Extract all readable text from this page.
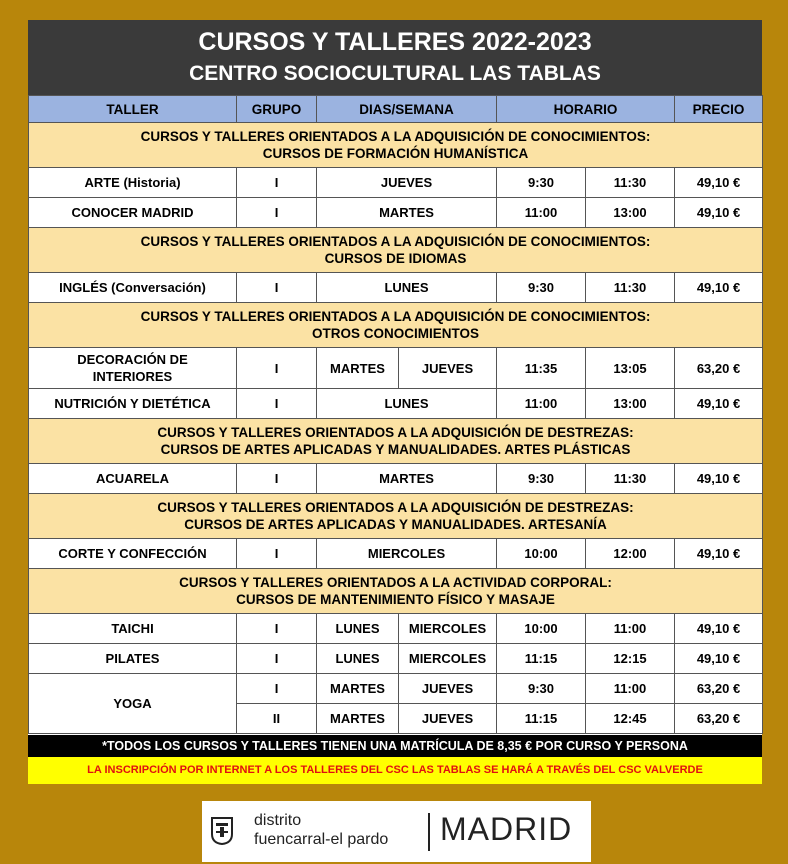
CURSOS Y TALLERES 2022-2023
CENTRO SOCIOCULTURAL LAS TABLAS
TALLER	GRUPO	DIAS/SEMANA		HORARIO		PRECIO

CURSOS Y TALLERES ORIENTADOS A LA ADQUISICIÓN DE CONOCIMIENTOS:
CURSOS DE FORMACIÓN HUMANÍSTICA						

ARTE (Historia)	I	JUEVES		9:30	11:30	49,10 €
CONOCER MADRID	I	MARTES		11:00	13:00	49,10 €

CURSOS Y TALLERES ORIENTADOS A LA ADQUISICIÓN DE CONOCIMIENTOS:
CURSOS DE IDIOMAS						

INGLÉS (Conversación)	I	LUNES		9:30	11:30	49,10 €

CURSOS Y TALLERES ORIENTADOS A LA ADQUISICIÓN DE CONOCIMIENTOS:
OTROS CONOCIMIENTOS						

DECORACIÓN DE
INTERIORES	I	MARTES	JUEVES	11:35	13:05	63,20 €
NUTRICIÓN Y DIETÉTICA	I	LUNES		11:00	13:00	49,10 €

CURSOS Y TALLERES ORIENTADOS A LA ADQUISICIÓN DE DESTREZAS:
CURSOS DE ARTES APLICADAS Y MANUALIDADES. ARTES PLÁSTICAS						

ACUARELA	I	MARTES		9:30	11:30	49,10 €

CURSOS Y TALLERES ORIENTADOS A LA ADQUISICIÓN DE DESTREZAS:
CURSOS DE ARTES APLICADAS Y MANUALIDADES. ARTESANÍA						

CORTE Y CONFECCIÓN	I	MIERCOLES		10:00	12:00	49,10 €

CURSOS Y TALLERES ORIENTADOS A LA ACTIVIDAD CORPORAL:
CURSOS DE MANTENIMIENTO FÍSICO Y MASAJE						

TAICHI	I	LUNES	MIERCOLES	10:00	11:00	49,10 €
PILATES	I	LUNES	MIERCOLES	11:15	12:15	49,10 €
YOGA	I	MARTES	JUEVES	9:30	11:00	63,20 €
	II	MARTES	JUEVES	11:15	12:45	63,20 €
*TODOS LOS CURSOS Y TALLERES TIENEN UNA MATRÍCULA DE 8,35 € POR CURSO Y PERSONA
LA INSCRIPCIÓN POR INTERNET A LOS TALLERES DEL CSC LAS TABLAS SE HARÁ A TRAVÉS DEL CSC VALVERDE
distrito
fuencarral-el pardo MADRID
